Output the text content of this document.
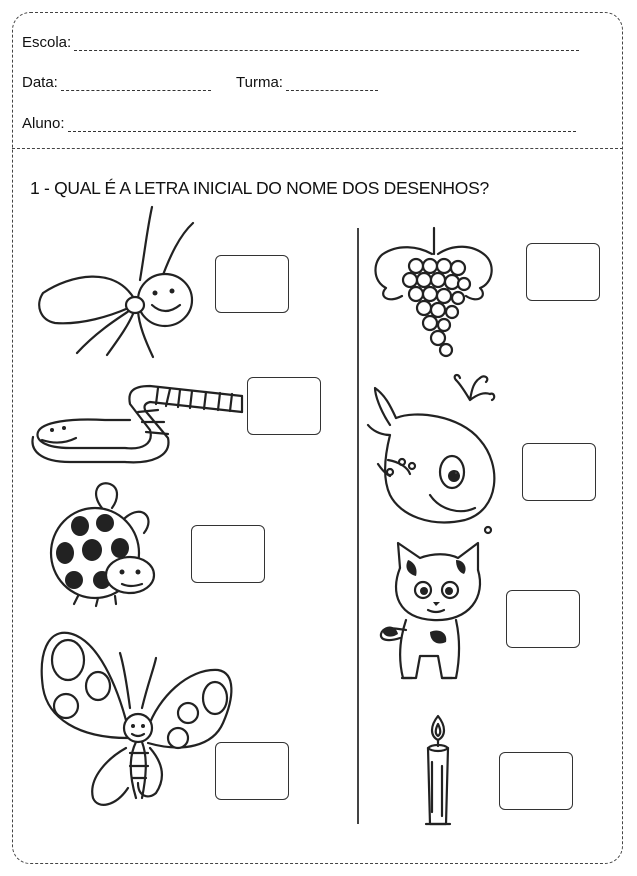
Escola:
Data:	Turma:
Aluno:
1 - QUAL É A LETRA INICIAL DO NOME DOS DESENHOS?
